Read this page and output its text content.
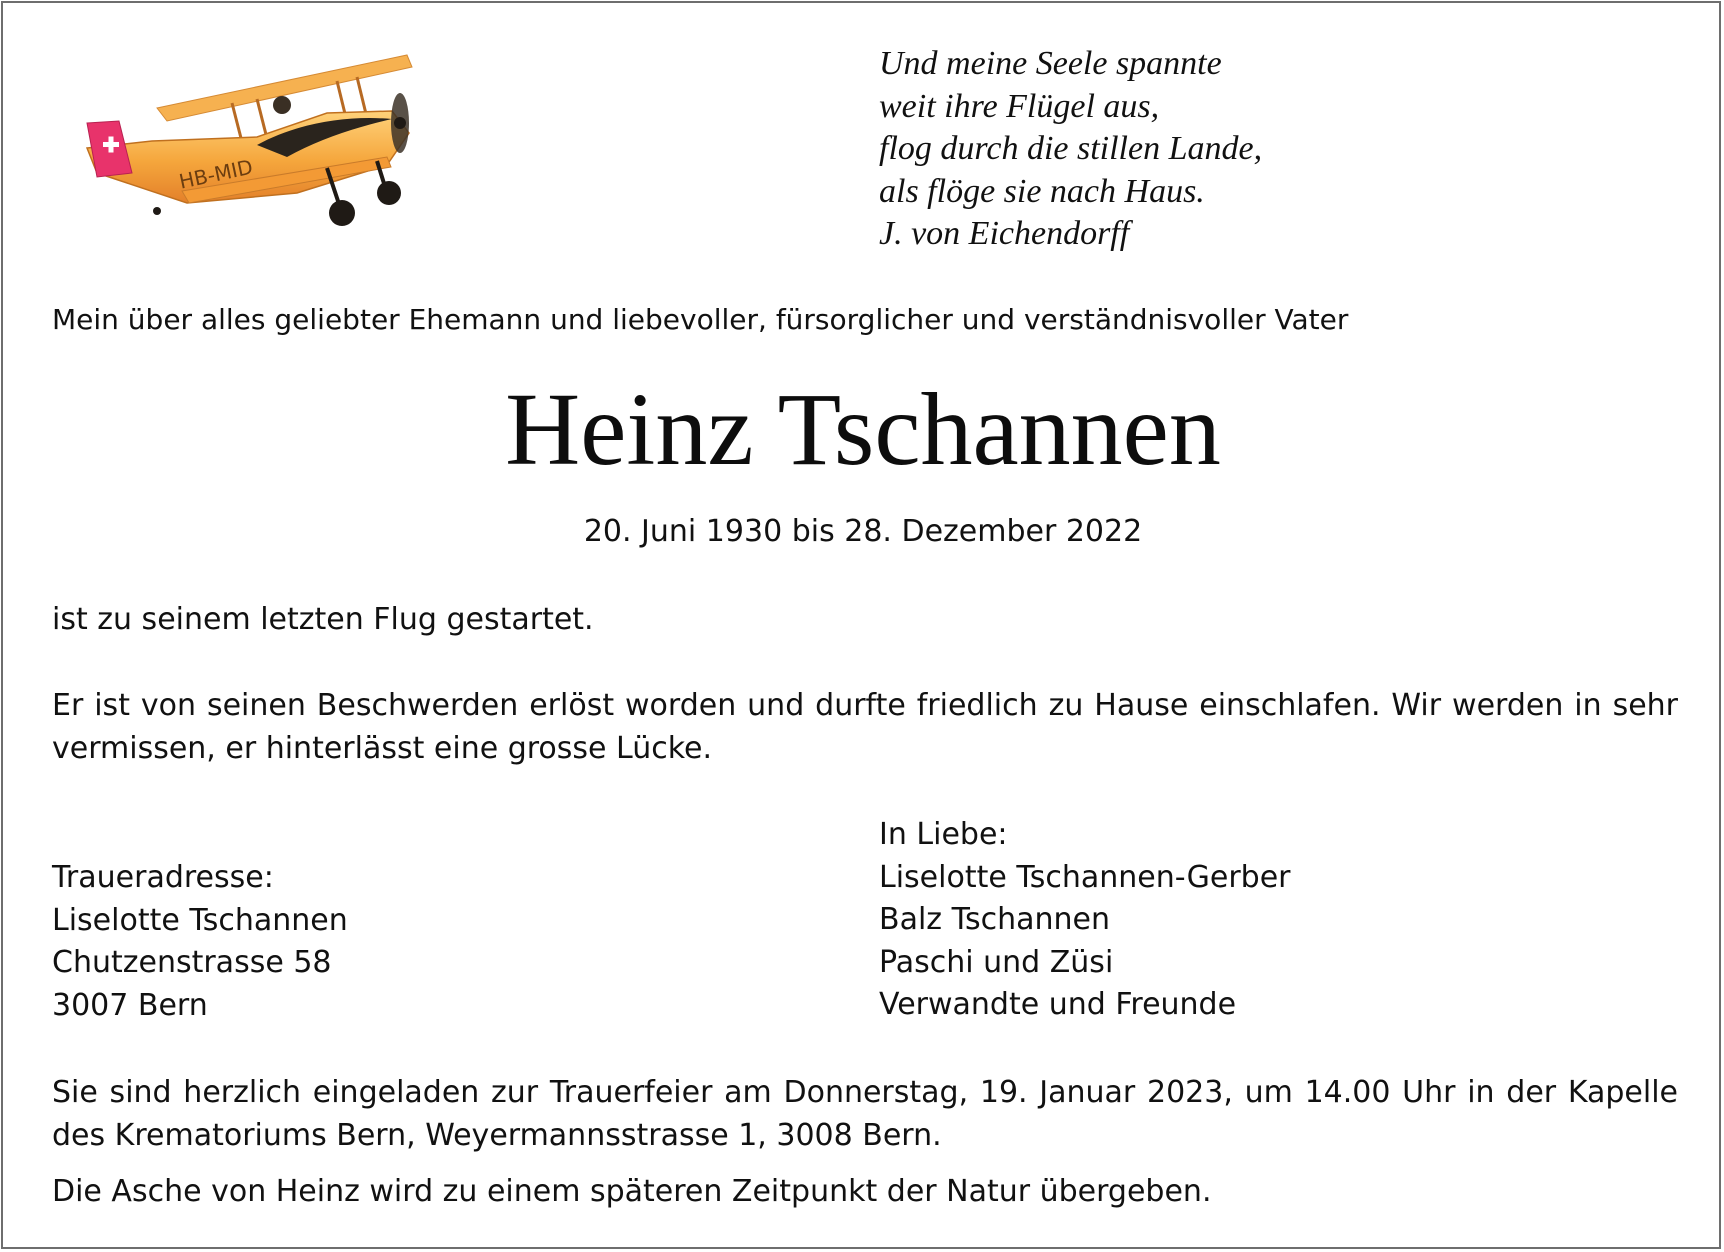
HB-MID
Und meine Seele spannte
weit ihre Flügel aus,
flog durch die stillen Lande,
als flöge sie nach Haus.
J. von Eichendorff
Mein über alles geliebter Ehemann und liebevoller, fürsorglicher und verständnisvoller Vater
Heinz Tschannen
20. Juni 1930 bis 28. Dezember 2022
ist zu seinem letzten Flug gestartet.
Er ist von seinen Beschwerden erlöst worden und durfte friedlich zu Hause einschlafen. Wir werden in sehr vermissen, er hinterlässt eine grosse Lücke.
Traueradresse:
Liselotte Tschannen
Chutzenstrasse 58
3007 Bern
In Liebe:
Liselotte Tschannen-Gerber
Balz Tschannen
Paschi und Züsi
Verwandte und Freunde
Sie sind herzlich eingeladen zur Trauerfeier am Donnerstag, 19. Januar 2023, um 14.00 Uhr in der Kapelle des Krematoriums Bern, Weyermannsstrasse 1, 3008 Bern.
Die Asche von Heinz wird zu einem späteren Zeitpunkt der Natur übergeben.
